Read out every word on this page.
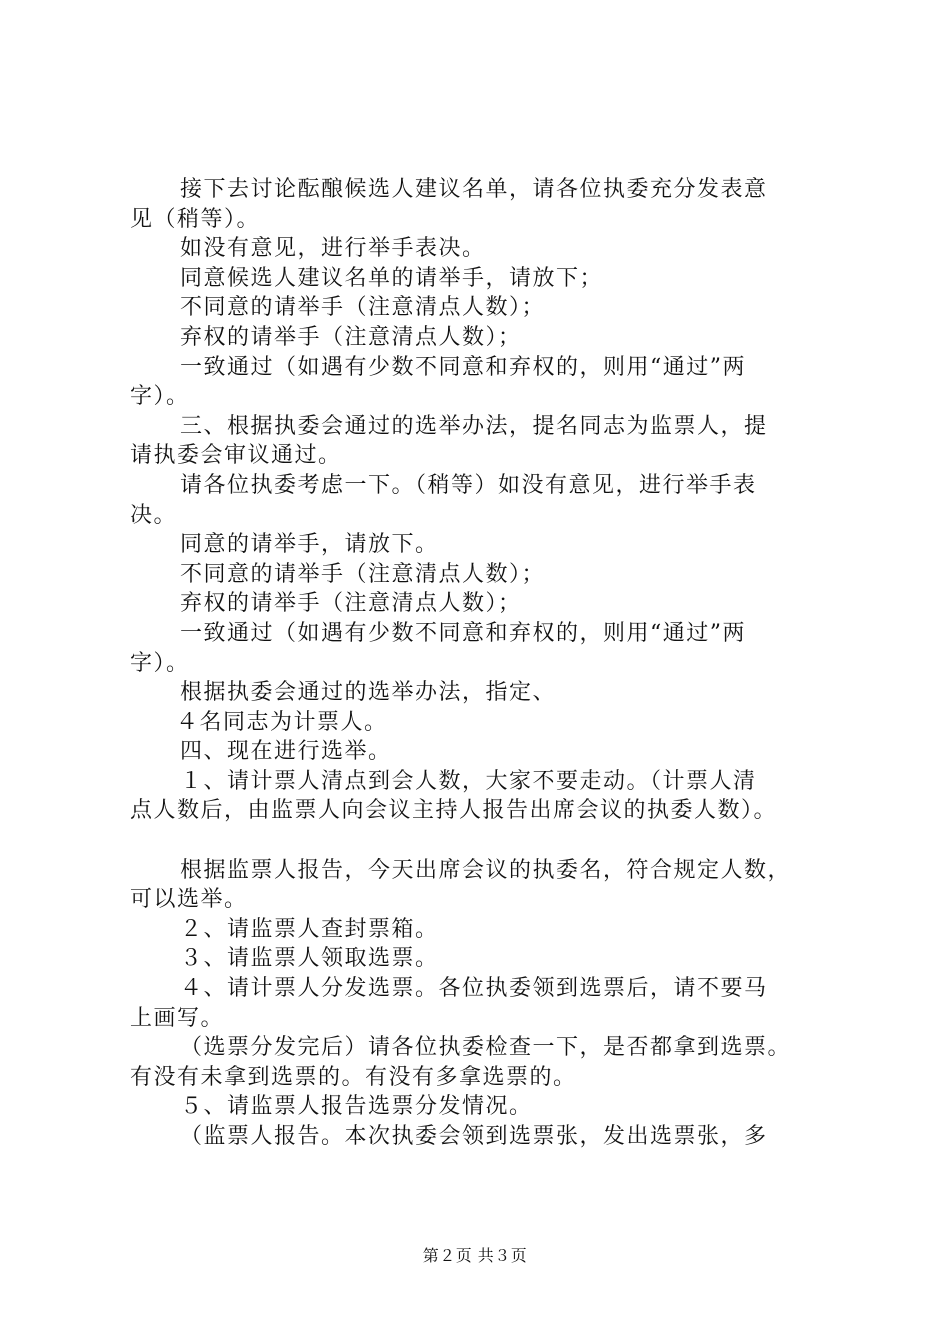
接下去讨论酝酿候选人建议名单，请各位执委充分发表意
见（稍等）。
如没有意见，进行举手表决。
同意候选人建议名单的请举手，请放下；
不同意的请举手（注意清点人数）；
弃权的请举手（注意清点人数）；
一致通过（如遇有少数不同意和弃权的，则用“通过”两
字）。
三、根据执委会通过的选举办法，提名同志为监票人，提
请执委会审议通过。
请各位执委考虑一下。（稍等）如没有意见，进行举手表
决。
同意的请举手，请放下。
不同意的请举手（注意清点人数）；
弃权的请举手（注意清点人数）；
一致通过（如遇有少数不同意和弃权的，则用“通过”两
字）。
根据执委会通过的选举办法，指定、
４名同志为计票人。
四、现在进行选举。
１、请计票人清点到会人数，大家不要走动。（计票人清
点人数后，由监票人向会议主持人报告出席会议的执委人数）。
根据监票人报告，今天出席会议的执委名，符合规定人数，
可以选举。
２、请监票人查封票箱。
３、请监票人领取选票。
４、请计票人分发选票。各位执委领到选票后，请不要马
上画写。
（选票分发完后）请各位执委检查一下，是否都拿到选票。
有没有未拿到选票的。有没有多拿选票的。
５、请监票人报告选票分发情况。
（监票人报告。本次执委会领到选票张，发出选票张，多
第２页 共３页
